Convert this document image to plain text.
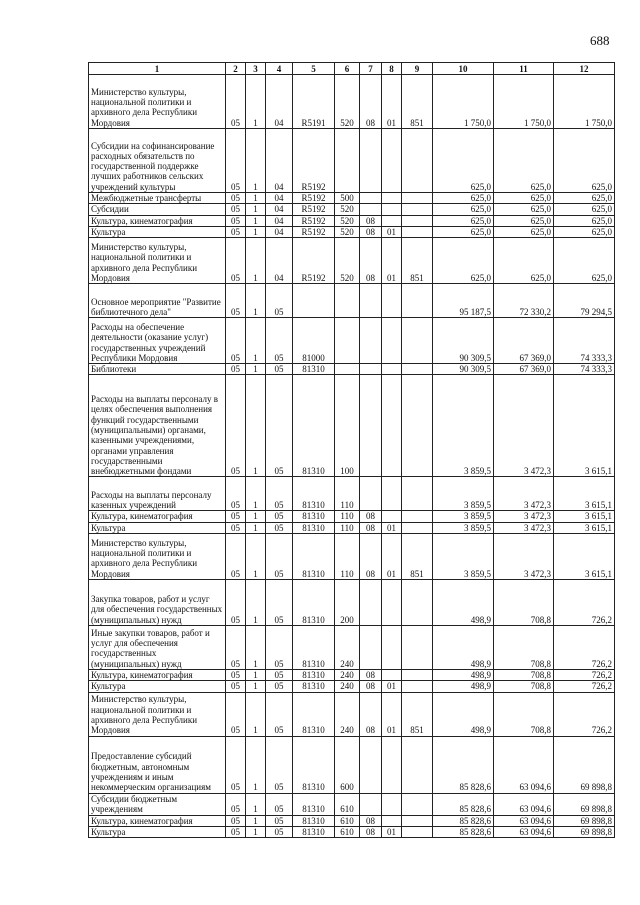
688
1	2	3	4	5	6	7	8	9	10	11	12
Министерство культуры, национальной политики и архивного дела Республики Мордовия	05	1	04	R5191	520	08	01	851	1 750,0	1 750,0	1 750,0
Субсидии на софинансирование расходных обязательств по государственной поддержке лучших работников сельских учреждений культуры	05	1	04	R5192					625,0	625,0	625,0
Межбюджетные трансферты	05	1	04	R5192	500				625,0	625,0	625,0
Субсидии	05	1	04	R5192	520				625,0	625,0	625,0
Культура, кинематография	05	1	04	R5192	520	08			625,0	625,0	625,0
Культура	05	1	04	R5192	520	08	01		625,0	625,0	625,0
Министерство культуры, национальной политики и архивного дела Республики Мордовия	05	1	04	R5192	520	08	01	851	625,0	625,0	625,0
Основное мероприятие "Развитие библиотечного дела"	05	1	05						95 187,5	72 330,2	79 294,5
Расходы на обеспечение деятельности (оказание услуг) государственных учреждений Республики Мордовия	05	1	05	81000					90 309,5	67 369,0	74 333,3
Библиотеки	05	1	05	81310					90 309,5	67 369,0	74 333,3
Расходы на выплаты персоналу в целях обеспечения выполнения функций государственными (муниципальными) органами, казенными учреждениями, органами управления государственными внебюджетными фондами	05	1	05	81310	100				3 859,5	3 472,3	3 615,1
Расходы на выплаты персоналу казенных учреждений	05	1	05	81310	110				3 859,5	3 472,3	3 615,1
Культура, кинематография	05	1	05	81310	110	08			3 859,5	3 472,3	3 615,1
Культура	05	1	05	81310	110	08	01		3 859,5	3 472,3	3 615,1
Министерство культуры, национальной политики и архивного дела Республики Мордовия	05	1	05	81310	110	08	01	851	3 859,5	3 472,3	3 615,1
Закупка товаров, работ и услуг для обеспечения государственных (муниципальных) нужд	05	1	05	81310	200				498,9	708,8	726,2
Иные закупки товаров, работ и услуг для обеспечения государственных (муниципальных) нужд	05	1	05	81310	240				498,9	708,8	726,2
Культура, кинематография	05	1	05	81310	240	08			498,9	708,8	726,2
Культура	05	1	05	81310	240	08	01		498,9	708,8	726,2
Министерство культуры, национальной политики и архивного дела Республики Мордовия	05	1	05	81310	240	08	01	851	498,9	708,8	726,2
Предоставление субсидий бюджетным, автономным учреждениям и иным некоммерческим организациям	05	1	05	81310	600				85 828,6	63 094,6	69 898,8
Субсидии бюджетным учреждениям	05	1	05	81310	610				85 828,6	63 094,6	69 898,8
Культура, кинематография	05	1	05	81310	610	08			85 828,6	63 094,6	69 898,8
Культура	05	1	05	81310	610	08	01		85 828,6	63 094,6	69 898,8
